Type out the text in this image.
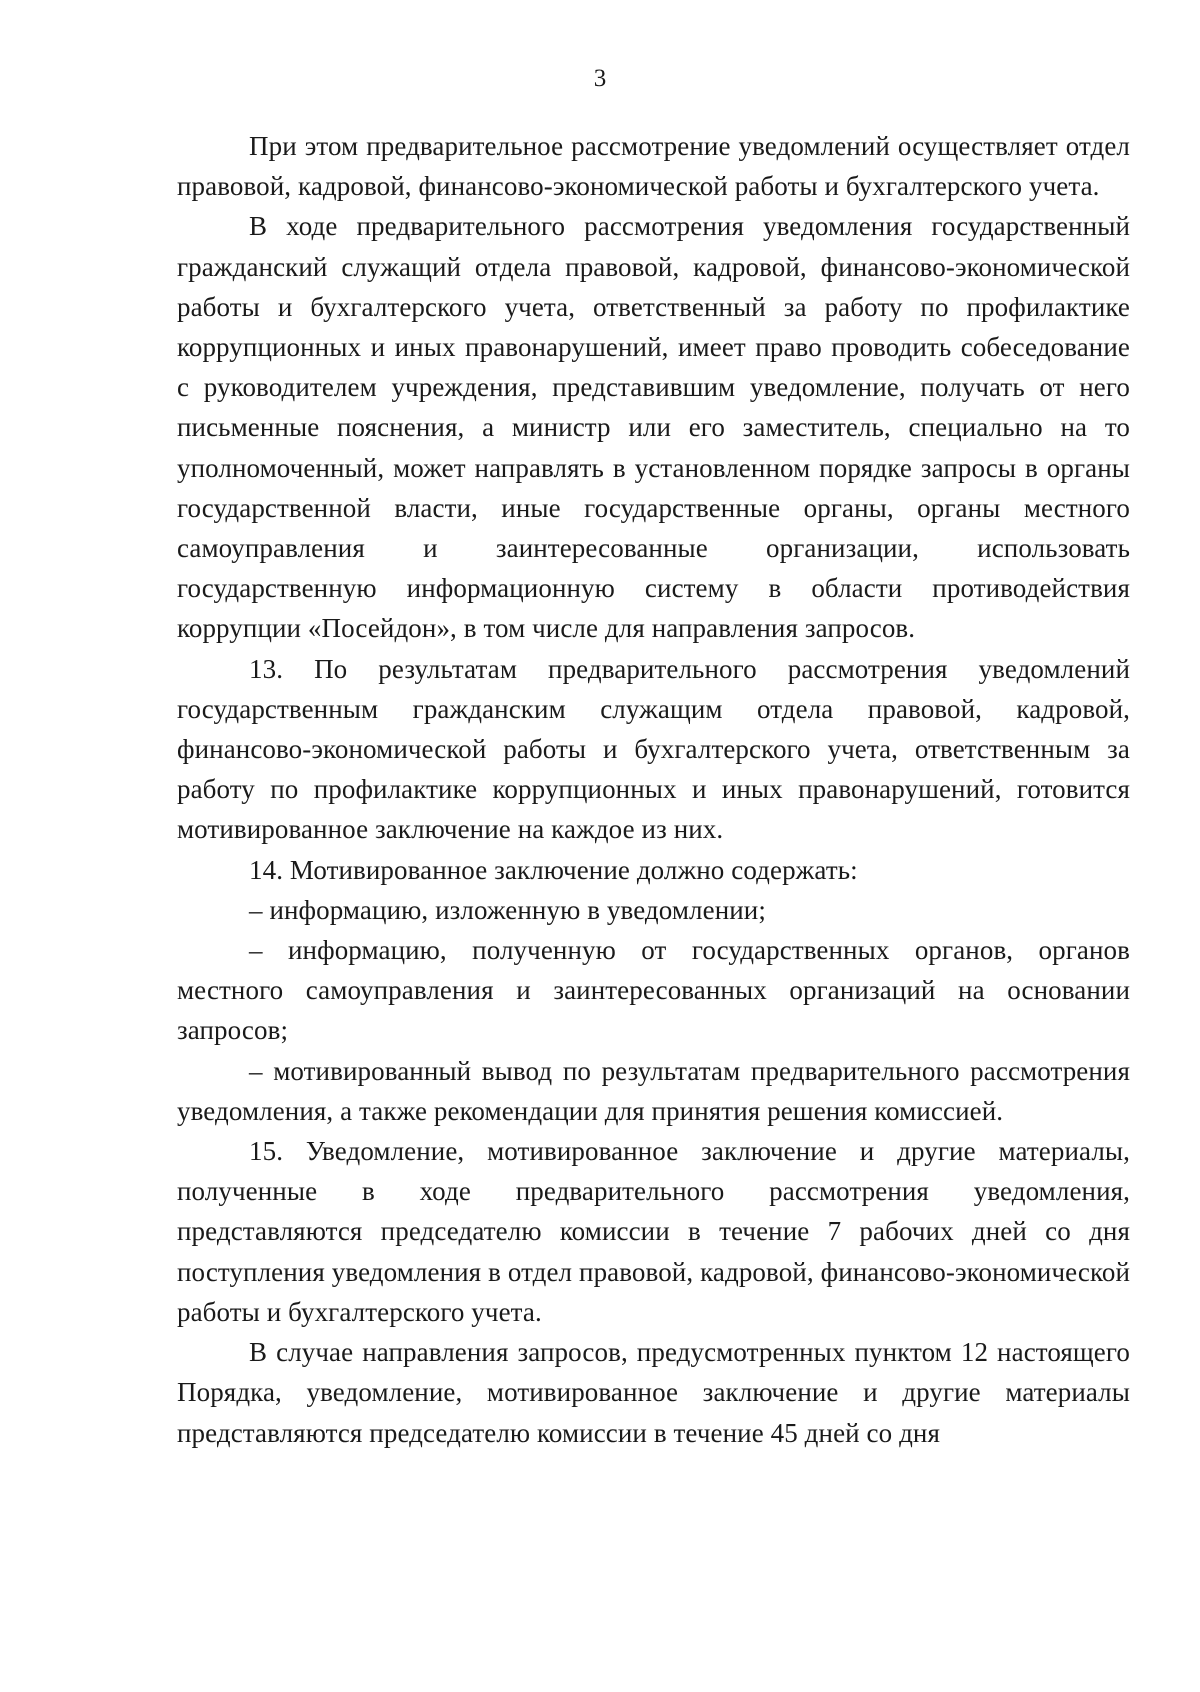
3

При этом предварительное рассмотрение уведомлений осуществляет отдел правовой, кадровой, финансово-экономической работы и бухгалтерского учета.

В ходе предварительного рассмотрения уведомления государственный гражданский служащий отдела правовой, кадровой, финансово-экономической работы и бухгалтерского учета, ответственный за работу по профилактике коррупционных и иных правонарушений, имеет право проводить собеседование с руководителем учреждения, представившим уведомление, получать от него письменные пояснения, а министр или его заместитель, специально на то уполномоченный, может направлять в установленном порядке запросы в органы государственной власти, иные государственные органы, органы местного самоуправления и заинтересованные организации, использовать государственную информационную систему в области противодействия коррупции «Посейдон», в том числе для направления запросов.

13. По результатам предварительного рассмотрения уведомлений государственным гражданским служащим отдела правовой, кадровой, финансово-экономической работы и бухгалтерского учета, ответственным за работу по профилактике коррупционных и иных правонарушений, готовится мотивированное заключение на каждое из них.

14. Мотивированное заключение должно содержать:

– информацию, изложенную в уведомлении;

– информацию, полученную от государственных органов, органов местного самоуправления и заинтересованных организаций на основании запросов;

– мотивированный вывод по результатам предварительного рассмотрения уведомления, а также рекомендации для принятия решения комиссией.

15. Уведомление, мотивированное заключение и другие материалы, полученные в ходе предварительного рассмотрения уведомления, представляются председателю комиссии в течение 7 рабочих дней со дня поступления уведомления в отдел правовой, кадровой, финансово-экономической работы и бухгалтерского учета.

В случае направления запросов, предусмотренных пунктом 12 настоящего Порядка, уведомление, мотивированное заключение и другие материалы представляются председателю комиссии в течение 45 дней со дня
